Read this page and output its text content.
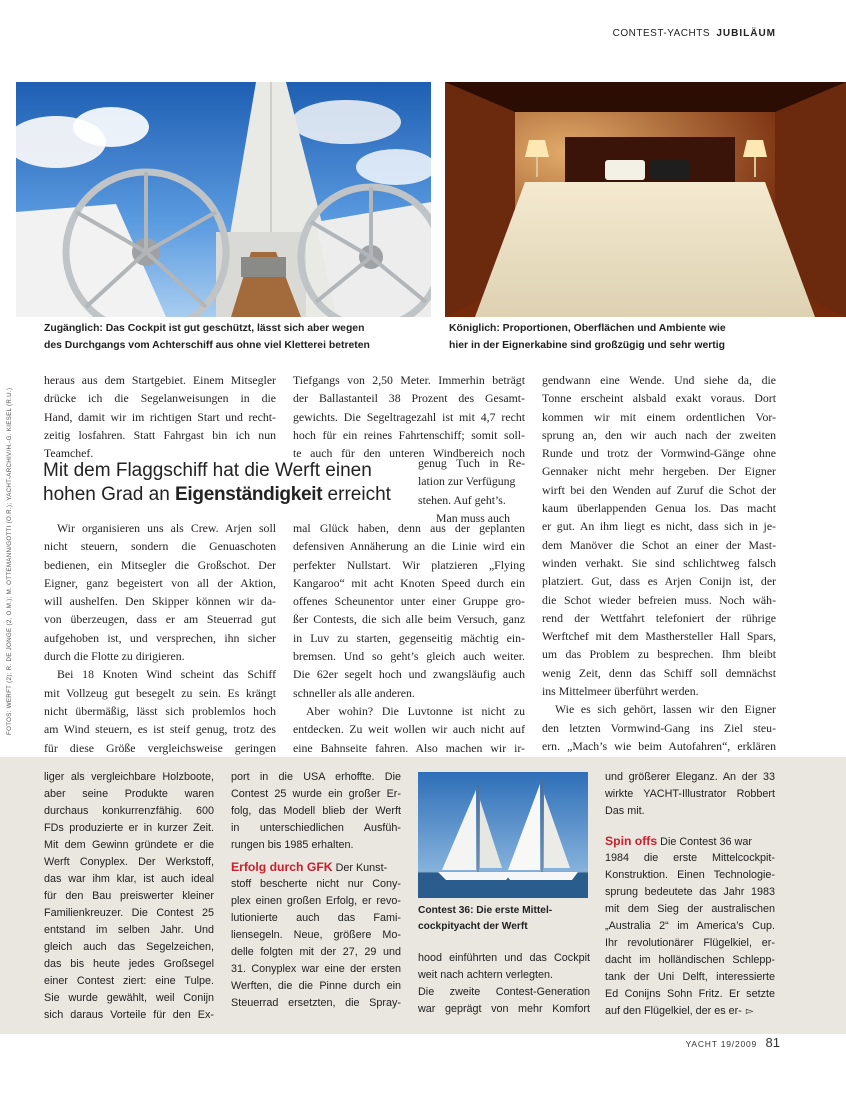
CONTEST-YACHTS JUBILÄUM
Zugänglich: Das Cockpit ist gut geschützt, lässt sich aber wegen
des Durchgangs vom Achterschiff aus ohne viel Kletterei betreten
Königlich: Proportionen, Oberflächen und Ambiente wie
hier in der Eignerkabine sind großzügig und sehr wertig
FOTOS: WERFT (2); R. DE JONGE (2, O.M.); M. OTTEMANN/GOTTI (O.R.); YACHT-ARCHIV/H.-G. KIESEL (R.U.)
heraus aus dem Startgebiet. Einem Mitsegler
drücke ich die Segelanweisungen in die
Hand, damit wir im richtigen Start und recht-
zeitig losfahren. Statt Fahrgast bin ich nun
Teamchef.
Mit dem Flaggschiff hat die Werft einen
hohen Grad an Eigenständigkeit erreicht
Wir organisieren uns als Crew. Arjen soll
nicht steuern, sondern die Genuaschoten
bedienen, ein Mitsegler die Großschot. Der
Eigner, ganz begeistert von all der Aktion,
will aushelfen. Den Skipper können wir da-
von überzeugen, dass er am Steuerrad gut
aufgehoben ist, und versprechen, ihn sicher
durch die Flotte zu dirigieren.
Bei 18 Knoten Wind scheint das Schiff
mit Vollzeug gut besegelt zu sein. Es krängt
nicht übermäßig, lässt sich problemlos hoch
am Wind steuern, es ist steif genug, trotz des
für diese Größe vergleichsweise geringen
Tiefgangs von 2,50 Meter. Immerhin beträgt
der Ballastanteil 38 Prozent des Gesamt-
gewichts. Die Segeltragezahl ist mit 4,7 recht
hoch für ein reines Fahrtenschiff; somit soll-
te auch für den unteren Windbereich noch
genug Tuch in Re-
lation zur Verfügung
stehen. Auf geht’s.
Man muss auch
mal Glück haben, denn aus der geplanten
defensiven Annäherung an die Linie wird ein
perfekter Nullstart. Wir platzieren „Flying
Kangaroo“ mit acht Knoten Speed durch ein
offenes Scheunentor unter einer Gruppe gro-
ßer Contests, die sich alle beim Versuch, ganz
in Luv zu starten, gegenseitig mächtig ein-
bremsen. Und so geht’s gleich auch weiter.
Die 62er segelt hoch und zwangsläufig auch
schneller als alle anderen.
Aber wohin? Die Luvtonne ist nicht zu
entdecken. Zu weit wollen wir auch nicht auf
eine Bahnseite fahren. Also machen wir ir-
gendwann eine Wende. Und siehe da, die
Tonne erscheint alsbald exakt voraus. Dort
kommen wir mit einem ordentlichen Vor-
sprung an, den wir auch nach der zweiten
Runde und trotz der Vormwind-Gänge ohne
Gennaker nicht mehr hergeben. Der Eigner
wirft bei den Wenden auf Zuruf die Schot der
kaum überlappenden Genua los. Das macht
er gut. An ihm liegt es nicht, dass sich in je-
dem Manöver die Schot an einer der Mast-
winden verhakt. Sie sind schlichtweg falsch
platziert. Gut, dass es Arjen Conijn ist, der
die Schot wieder befreien muss. Noch wäh-
rend der Wettfahrt telefoniert der rührige
Werftchef mit dem Masthersteller Hall Spars,
um das Problem zu besprechen. Ihm bleibt
wenig Zeit, denn das Schiff soll demnächst
ins Mittelmeer überführt werden.
Wie es sich gehört, lassen wir den Eigner
den letzten Vormwind-Gang ins Ziel steu-
ern. „Mach’s wie beim Autofahren“, erklären
liger als vergleichbare Holzboote,
aber seine Produkte waren
durchaus konkurrenzfähig. 600
FDs produzierte er in kurzer Zeit.
Mit dem Gewinn gründete er die
Werft Conyplex. Der Werkstoff,
das war ihm klar, ist auch ideal
für den Bau preiswerter kleiner
Familienkreuzer. Die Contest 25
entstand im selben Jahr. Und
gleich auch das Segelzeichen,
das bis heute jedes Großsegel
einer Contest ziert: eine Tulpe.
Sie wurde gewählt, weil Conijn
sich daraus Vorteile für den Ex-
port in die USA erhoffte. Die
Contest 25 wurde ein großer Er-
folg, das Modell blieb der Werft
in unterschiedlichen Ausfüh-
rungen bis 1985 erhalten.
Erfolg durch GFK Der Kunst-
stoff bescherte nicht nur Cony-
plex einen großen Erfolg, er revo-
lutionierte auch das Fami-
liensegeln. Neue, größere Mo-
delle folgten mit der 27, 29 und
31. Conyplex war eine der ersten
Werften, die die Pinne durch ein
Steuerrad ersetzten, die Spray-
Contest 36: Die erste Mittel-
cockpityacht der Werft
hood einführten und das Cockpit
weit nach achtern verlegten.
Die zweite Contest-Generation
war geprägt von mehr Komfort
und größerer Eleganz. An der 33
wirkte YACHT-Illustrator Robbert
Das mit.
Spin offs Die Contest 36 war
1984 die erste Mittelcockpit-
Konstruktion. Einen Technologie-
sprung bedeutete das Jahr 1983
mit dem Sieg der australischen
„Australia 2“ im America’s Cup.
Ihr revolutionärer Flügelkiel, er-
dacht im holländischen Schlepp-
tank der Uni Delft, interessierte
Ed Conijns Sohn Fritz. Er setzte
auf den Flügelkiel, der es er- ▻
YACHT 19/2009 81
